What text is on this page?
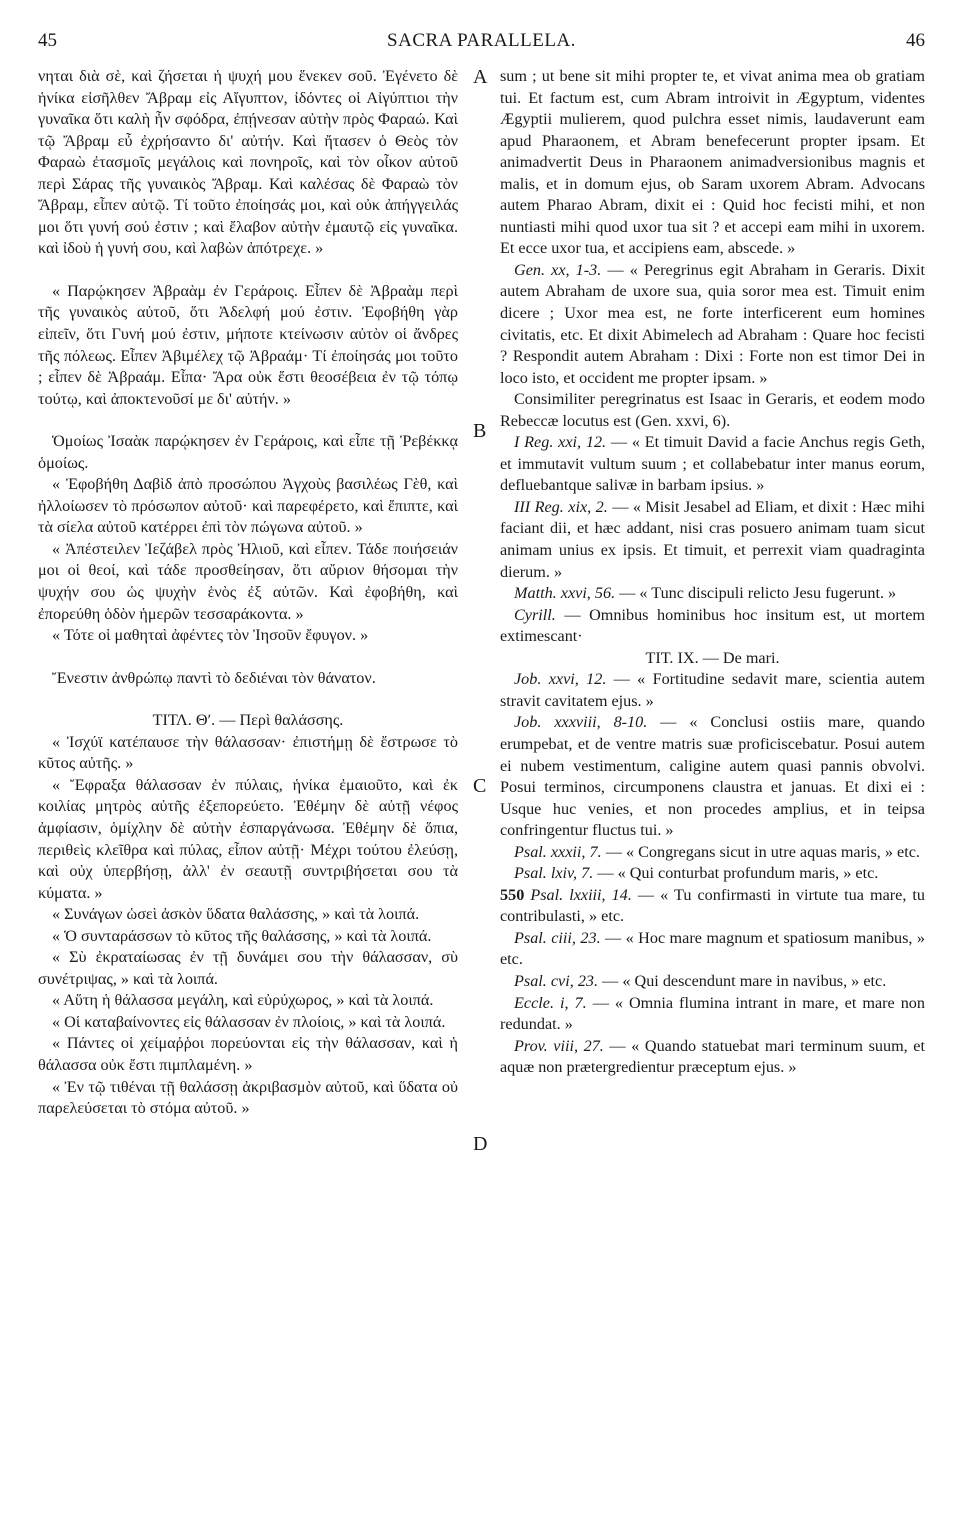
45	SACRA PARALLELA.	46
A
B
C
D

νηται διὰ σὲ, καὶ ζήσεται ἡ ψυχή μου ἕνεκεν σοῦ. Ἐγένετο δὲ ἡνίκα εἰσῆλθεν Ἄβραμ εἰς Αἴγυπτον, ἰδόντες οἱ Αἰγύπτιοι τὴν γυναῖκα ὅτι καλὴ ἦν σφόδρα, ἐπῄνεσαν αὐτὴν πρὸς Φαραώ. Καὶ τῷ Ἄβραμ εὖ ἐχρήσαντο δι' αὐτήν. Καὶ ἤτασεν ὁ Θεὸς τὸν Φαραὼ ἐτασμοῖς μεγάλοις καὶ πονηροῖς, καὶ τὸν οἶκον αὐτοῦ περὶ Σάρας τῆς γυναικὸς Ἄβραμ. Καὶ καλέσας δὲ Φαραὼ τὸν Ἄβραμ, εἶπεν αὐτῷ. Τί τοῦτο ἐποίησάς μοι, καὶ οὐκ ἀπήγγειλάς μοι ὅτι γυνή σού ἐστιν ; καὶ ἔλαβον αὐτὴν ἐμαυτῷ εἰς γυναῖκα. καὶ ἰδοὺ ἡ γυνή σου, καὶ λαβὼν ἀπότρεχε. »

« Παρῴκησεν Ἀβραὰμ ἐν Γεράροις. Εἶπεν δὲ Ἀβραὰμ περὶ τῆς γυναικὸς αὐτοῦ, ὅτι Ἀδελφή μού ἐστιν. Ἐφοβήθη γὰρ εἰπεῖν, ὅτι Γυνή μού ἐστιν, μήποτε κτείνωσιν αὐτὸν οἱ ἄνδρες τῆς πόλεως. Εἶπεν Ἀβιμέλεχ τῷ Ἀβραάμ· Τί ἐποίησάς μοι τοῦτο ; εἶπεν δὲ Ἀβραάμ. Εἶπα· Ἄρα οὐκ ἔστι θεοσέβεια ἐν τῷ τόπῳ τούτῳ, καὶ ἀποκτενοῦσί με δι' αὐτήν. »

Ὁμοίως Ἰσαὰκ παρῴκησεν ἐν Γεράροις, καὶ εἶπε τῇ Ῥεβέκκᾳ ὁμοίως.

« Ἐφοβήθη Δαβὶδ ἀπὸ προσώπου Ἀγχοὺς βασιλέως Γὲθ, καὶ ἠλλοίωσεν τὸ πρόσωπον αὐτοῦ· καὶ παρεφέρετο, καὶ ἔπιπτε, καὶ τὰ σίελα αὐτοῦ κατέρρει ἐπὶ τὸν πώγωνα αὐτοῦ. »

« Ἀπέστειλεν Ἰεζάβελ πρὸς Ἠλιοῦ, καὶ εἶπεν. Τάδε ποιήσειάν μοι οἱ θεοί, καὶ τάδε προσθείησαν, ὅτι αὔριον θήσομαι τὴν ψυχήν σου ὡς ψυχὴν ἑνὸς ἐξ αὐτῶν. Καὶ ἐφοβήθη, καὶ ἐπορεύθη ὁδὸν ἡμερῶν τεσσαράκοντα. »

« Τότε οἱ μαθηταὶ ἀφέντες τὸν Ἰησοῦν ἔφυγον. »

Ἔνεστιν ἀνθρώπῳ παντὶ τὸ δεδιέναι τὸν θάνατον.

ΤΙΤΛ. Θʹ. — Περὶ θαλάσσης.

« Ἰσχύϊ κατέπαυσε τὴν θάλασσαν· ἐπιστήμῃ δὲ ἔστρωσε τὸ κῦτος αὐτῆς. »

« Ἔφραξα θάλασσαν ἐν πύλαις, ἡνίκα ἐμαιοῦτο, καὶ ἐκ κοιλίας μητρὸς αὐτῆς ἐξεπορεύετο. Ἐθέμην δὲ αὐτῇ νέφος ἀμφίασιν, ὁμίχλην δὲ αὐτὴν ἐσπαργάνωσα. Ἐθέμην δὲ ὅπια, περιθεὶς κλεῖθρα καὶ πύλας, εἶπον αὐτῇ· Μέχρι τούτου ἐλεύσῃ, καὶ οὐχ ὑπερβήσῃ, ἀλλ' ἐν σεαυτῇ συντριβήσεται σου τὰ κύματα. »

« Συνάγων ὡσεὶ ἀσκὸν ὕδατα θαλάσσης, » καὶ τὰ λοιπά.

« Ὁ συνταράσσων τὸ κῦτος τῆς θαλάσσης, » καὶ τὰ λοιπά.

« Σὺ ἐκραταίωσας ἐν τῇ δυνάμει σου τὴν θάλασσαν, σὺ συνέτριψας, » καὶ τὰ λοιπά.

« Αὕτη ἡ θάλασσα μεγάλη, καὶ εὐρύχωρος, » καὶ τὰ λοιπά.

« Οἱ καταβαίνοντες εἰς θάλασσαν ἐν πλοίοις, » καὶ τὰ λοιπά.

« Πάντες οἱ χείμαῤῥοι πορεύονται εἰς τὴν θάλασσαν, καὶ ἡ θάλασσα οὐκ ἔστι πιμπλαμένη. »

« Ἐν τῷ τιθέναι τῇ θαλάσσῃ ἀκριβασμὸν αὐτοῦ, καὶ ὕδατα οὐ παρελεύσεται τὸ στόμα αὐτοῦ. »

sum ; ut bene sit mihi propter te, et vivat anima mea ob gratiam tui. Et factum est, cum Abram introivit in Ægyptum, videntes Ægyptii mulierem, quod pulchra esset nimis, laudaverunt eam apud Pharaonem, et Abram benefecerunt propter ipsam. Et animadvertit Deus in Pharaonem animadversionibus magnis et malis, et in domum ejus, ob Saram uxorem Abram. Advocans autem Pharao Abram, dixit ei : Quid hoc fecisti mihi, et non nuntiasti mihi quod uxor tua sit ? et accepi eam mihi in uxorem. Et ecce uxor tua, et accipiens eam, abscede. »

Gen. xx, 1-3. — « Peregrinus egit Abraham in Geraris. Dixit autem Abraham de uxore sua, quia soror mea est. Timuit enim dicere ; Uxor mea est, ne forte interficerent eum homines civitatis, etc. Et dixit Abimelech ad Abraham : Quare hoc fecisti ? Respondit autem Abraham : Dixi : Forte non est timor Dei in loco isto, et occident me propter ipsam. »

Consimiliter peregrinatus est Isaac in Geraris, et eodem modo Rebeccæ locutus est (Gen. xxvi, 6).

I Reg. xxi, 12. — « Et timuit David a facie Anchus regis Geth, et immutavit vultum suum ; et collabebatur inter manus eorum, defluebantque salivæ in barbam ipsius. »

III Reg. xix, 2. — « Misit Jesabel ad Eliam, et dixit : Hæc mihi faciant dii, et hæc addant, nisi cras posuero animam tuam sicut animam unius ex ipsis. Et timuit, et perrexit viam quadraginta dierum. »

Matth. xxvi, 56. — « Tunc discipuli relicto Jesu fugerunt. »

Cyrill. — Omnibus hominibus hoc insitum est, ut mortem extimescant·

TIT. IX. — De mari.

Job. xxvi, 12. — « Fortitudine sedavit mare, scientia autem stravit cavitatem ejus. »

Job. xxxviii, 8-10. — « Conclusi ostiis mare, quando erumpebat, et de ventre matris suæ proficiscebatur. Posui autem ei nubem vestimentum, caligine autem quasi pannis obvolvi. Posui terminos, circumponens claustra et januas. Et dixi ei : Usque huc venies, et non procedes amplius, et in teipsa confringentur fluctus tui. »

Psal. xxxii, 7. — « Congregans sicut in utre aquas maris, » etc.

Psal. lxiv, 7. — « Qui conturbat profundum maris, » etc.

550 Psal. lxxiii, 14. — « Tu confirmasti in virtute tua mare, tu contribulasti, » etc.

Psal. ciii, 23. — « Hoc mare magnum et spatiosum manibus, » etc.

Psal. cvi, 23. — « Qui descendunt mare in navibus, » etc.

Eccle. i, 7. — « Omnia flumina intrant in mare, et mare non redundat. »

Prov. viii, 27. — « Quando statuebat mari terminum suum, et aquæ non prætergredientur præceptum ejus. »
